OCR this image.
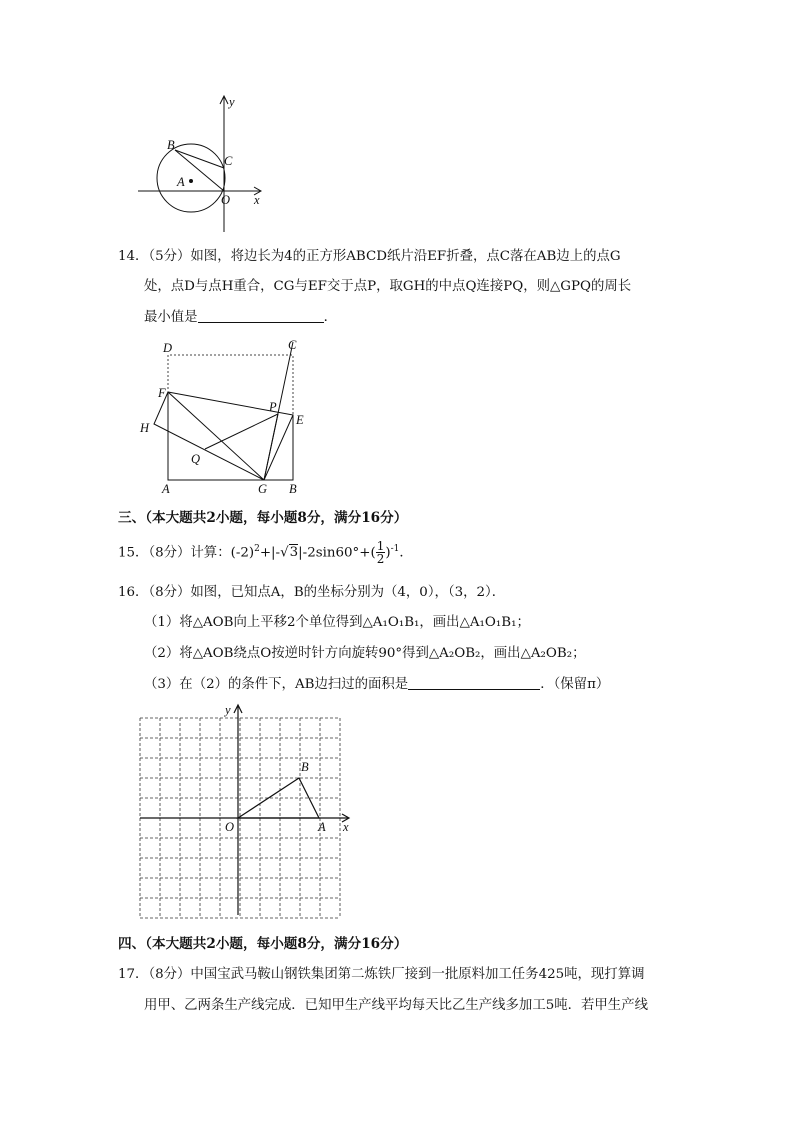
y
x
B
C
A
O
14．（5分）如图，将边长为4的正方形ABCD纸片沿EF折叠，点C落在AB边上的点G
处，点D与点H重合，CG与EF交于点P，取GH的中点Q连接PQ，则△GPQ的周长
最小值是	．
D	C
F
P
E
H
Q
A	G B
三、（本大题共2小题，每小题8分，满分16分）
15．（8分）计算：$(-2)^2+|-√3|-2\sin 60^\circ+( \frac{1}{2} )^{-1}$．
16．（8分）如图，已知点A，B的坐标分别为（4，0），（3，2）．
（1）将△AOB向上平移2个单位得到△A₁O₁B₁，画出△A₁O₁B₁；
（2）将△AOB绕点O按逆时针方向旋转90°得到△A₂OB₂，画出△A₂OB₂；
（3）在（2）的条件下，AB边扫过的面积是	．（保留π）
y
x
O	A
B
四、（本大题共2小题，每小题8分，满分16分）
17．（8分）中国宝武马鞍山钢铁集团第二炼铁厂接到一批原料加工任务425吨，现打算调
用甲、乙两条生产线完成．已知甲生产线平均每天比乙生产线多加工5吨．若甲生产线
